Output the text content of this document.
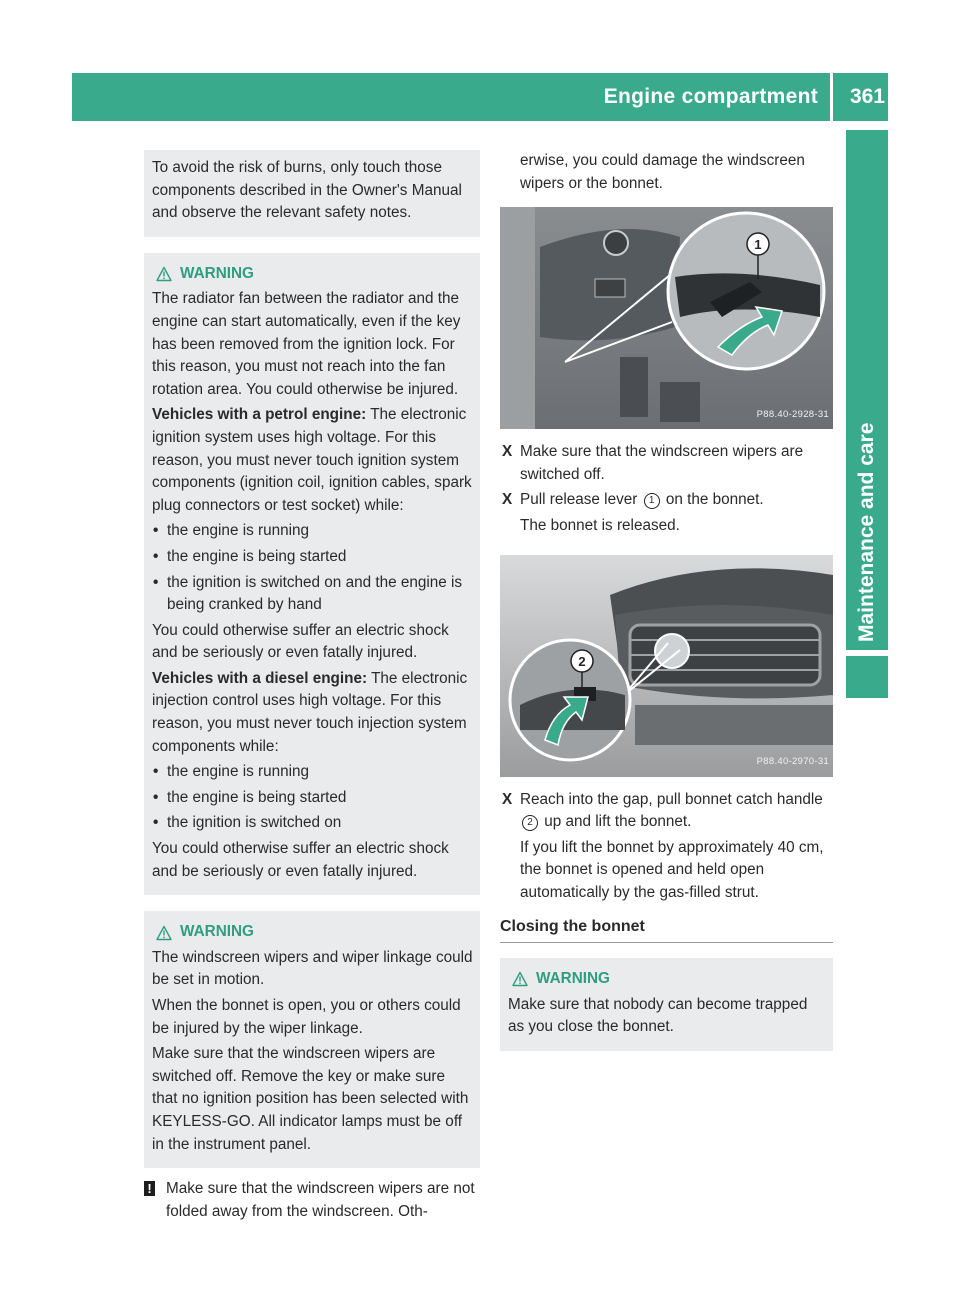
Engine compartment 361
Maintenance and care

To avoid the risk of burns, only touch those components described in the Owner's Manual and observe the relevant safety notes.

WARNING

The radiator fan between the radiator and the engine can start automatically, even if the key has been removed from the ignition lock. For this reason, you must not reach into the fan rotation area. You could otherwise be injured.

Vehicles with a petrol engine: The electronic ignition system uses high voltage. For this reason, you must never touch ignition system components (ignition coil, ignition cables, spark plug connectors or test socket) while:

• the engine is running
• the engine is being started
• the ignition is switched on and the engine is being cranked by hand

You could otherwise suffer an electric shock and be seriously or even fatally injured.

Vehicles with a diesel engine: The electronic injection control uses high voltage. For this reason, you must never touch injection system components while:

• the engine is running
• the engine is being started
• the ignition is switched on

You could otherwise suffer an electric shock and be seriously or even fatally injured.

WARNING

The windscreen wipers and wiper linkage could be set in motion.

When the bonnet is open, you or others could be injured by the wiper linkage.

Make sure that the windscreen wipers are switched off. Remove the key or make sure that no ignition position has been selected with KEYLESS-GO. All indicator lamps must be off in the instrument panel.

! Make sure that the windscreen wipers are not folded away from the windscreen. Oth-

erwise, you could damage the windscreen wipers or the bonnet.

1
P88.40-2928-31
X Make sure that the windscreen wipers are switched off.
X Pull release lever 1 on the bonnet.

The bonnet is released.

2
P88.40-2970-31
X Reach into the gap, pull bonnet catch handle 2 up and lift the bonnet.

If you lift the bonnet by approximately 40 cm, the bonnet is opened and held open automatically by the gas-filled strut.

Closing the bonnet
WARNING

Make sure that nobody can become trapped as you close the bonnet.
